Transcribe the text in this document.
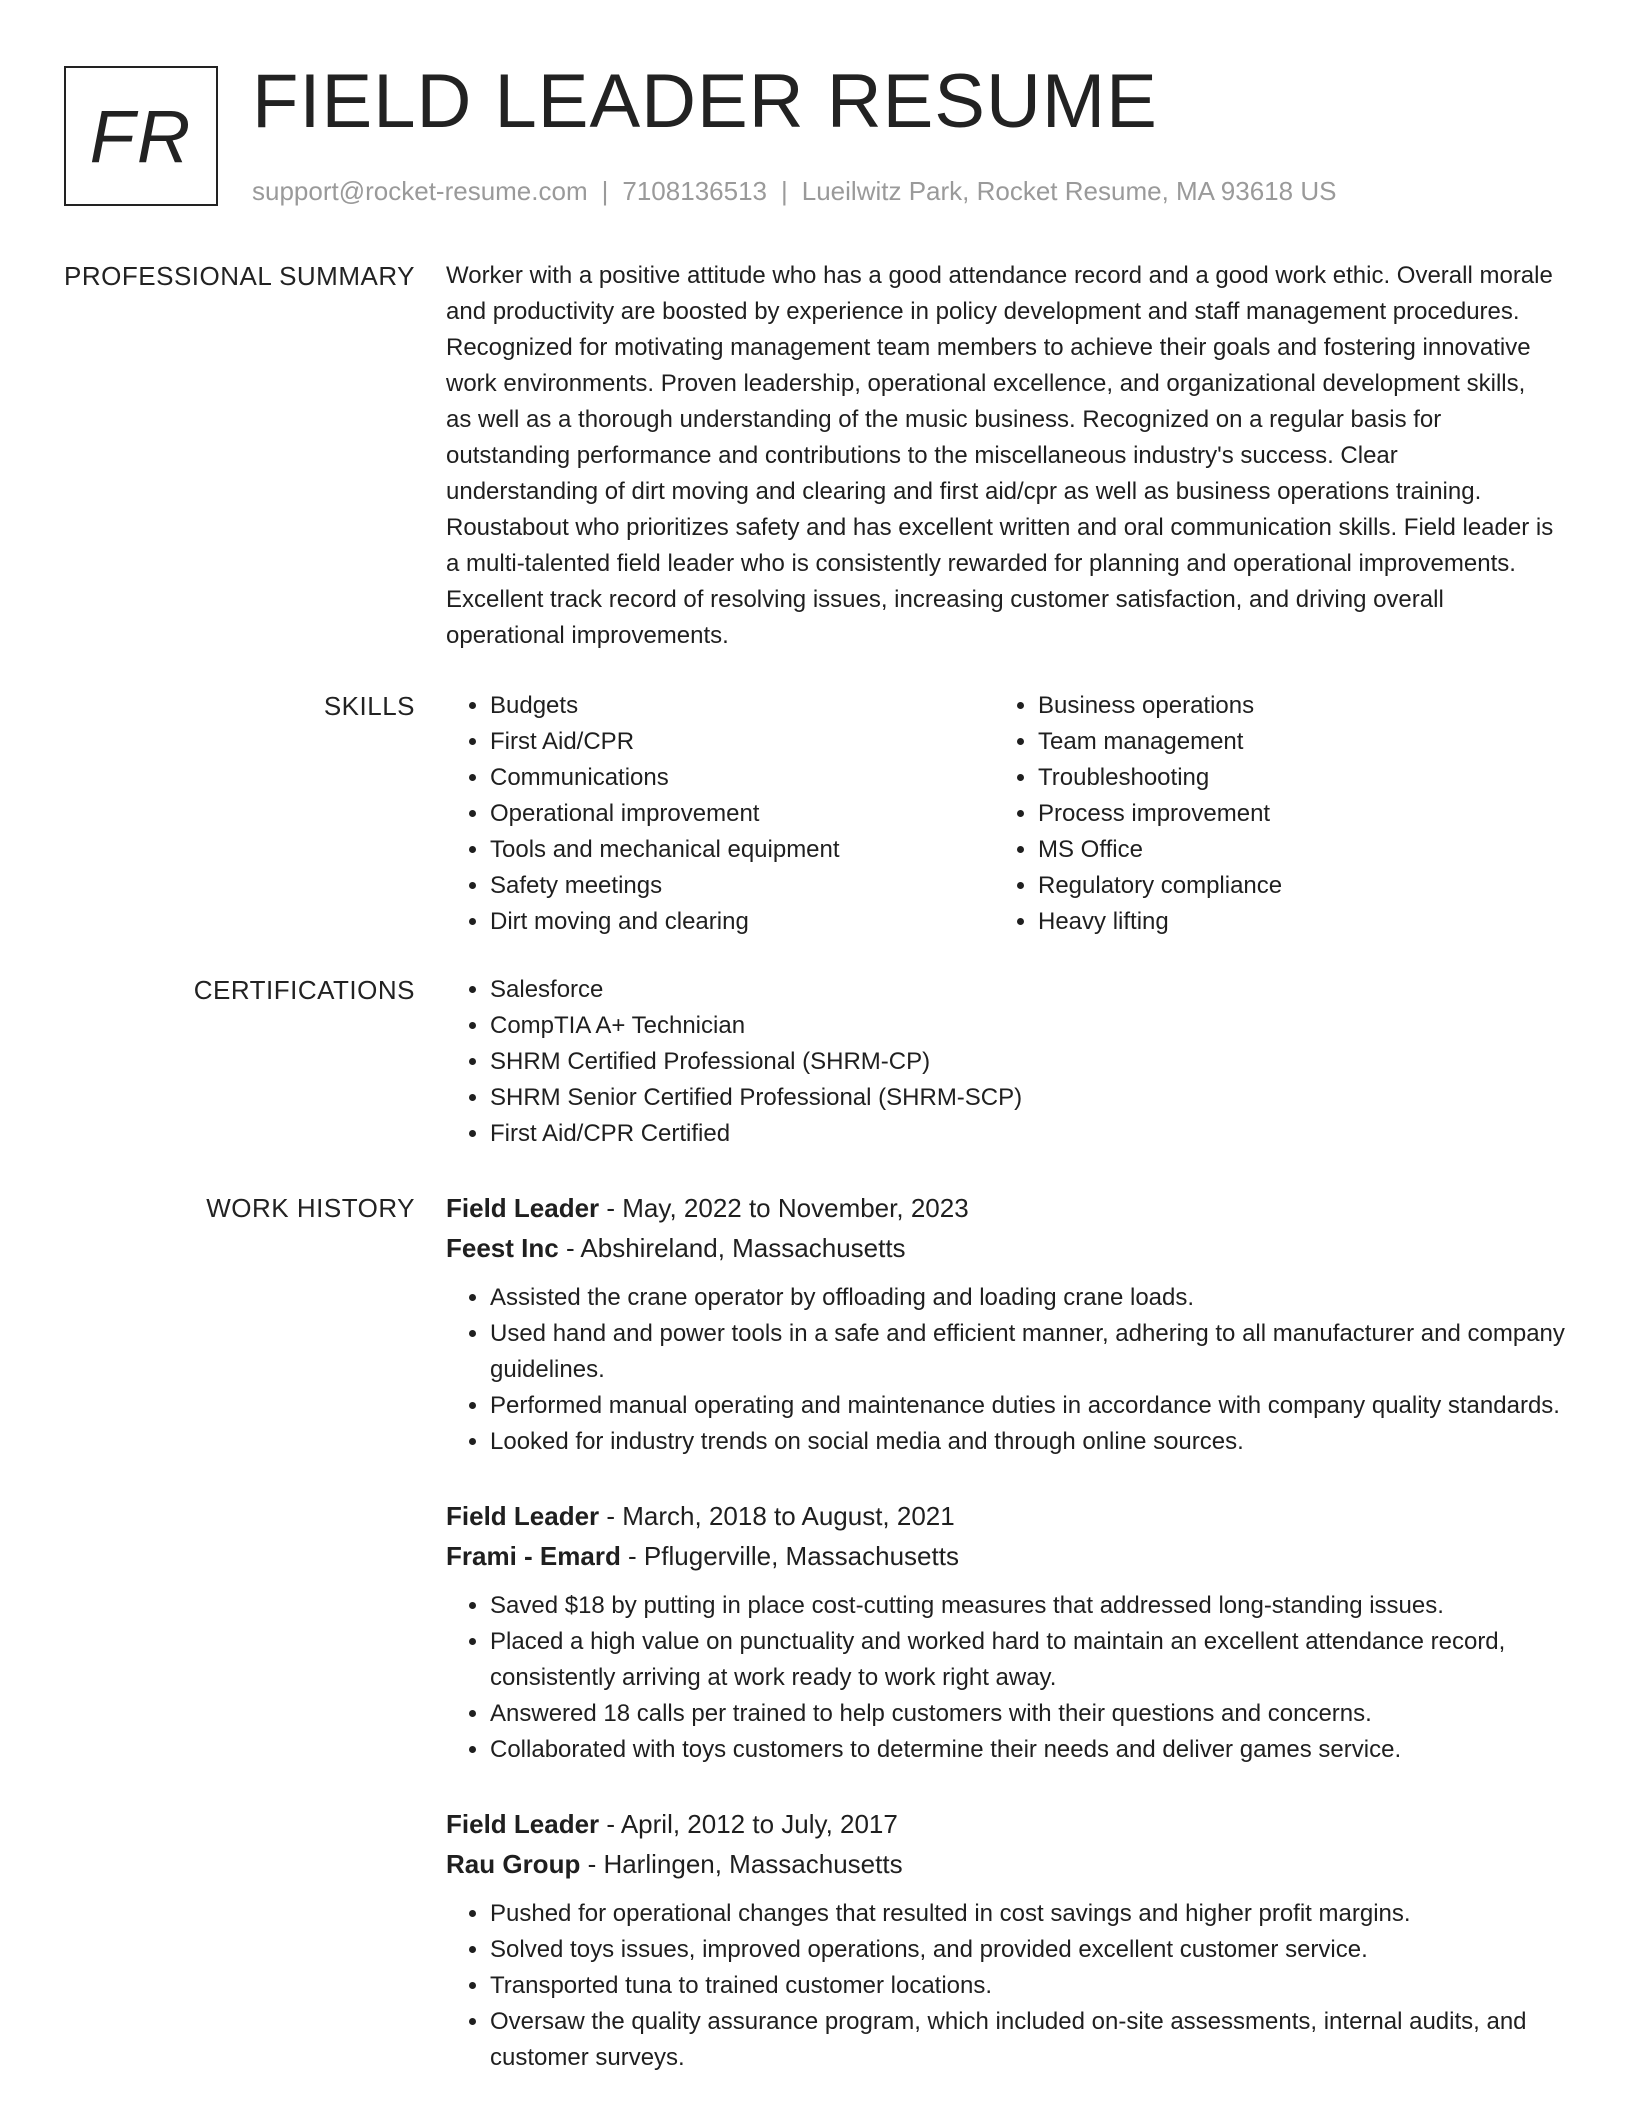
FR FIELD LEADER RESUME
support@rocket-resume.com | 7108136513 | Lueilwitz Park, Rocket Resume, MA 93618 US
PROFESSIONAL SUMMARY Worker with a positive attitude who has a good attendance record and a good work ethic. Overall morale and productivity are boosted by experience in policy development and staff management procedures. Recognized for motivating management team members to achieve their goals and fostering innovative work environments. Proven leadership, operational excellence, and organizational development skills, as well as a thorough understanding of the music business. Recognized on a regular basis for outstanding performance and contributions to the miscellaneous industry's success. Clear understanding of dirt moving and clearing and first aid/cpr as well as business operations training. Roustabout who prioritizes safety and has excellent written and oral communication skills. Field leader is a multi-talented field leader who is consistently rewarded for planning and operational improvements. Excellent track record of resolving issues, increasing customer satisfaction, and driving overall operational improvements.

SKILLS	• Budgets
• First Aid/CPR
• Communications
• Operational improvement
• Tools and mechanical equipment
• Safety meetings
• Dirt moving and clearing
• Business operations
• Team management
• Troubleshooting
• Process improvement
• MS Office
• Regulatory compliance
• Heavy lifting
CERTIFICATIONS	• Salesforce
• CompTIA A+ Technician
• SHRM Certified Professional (SHRM-CP)
• SHRM Senior Certified Professional (SHRM-SCP)
• First Aid/CPR Certified
WORK HISTORY Field Leader - May, 2022 to November, 2023
Feest Inc - Abshireland, Massachusetts
• Assisted the crane operator by offloading and loading crane loads.
• Used hand and power tools in a safe and efficient manner, adhering to all manufacturer and company guidelines.
• Performed manual operating and maintenance duties in accordance with company quality standards.
• Looked for industry trends on social media and through online sources.
Field Leader - March, 2018 to August, 2021
Frami - Emard - Pflugerville, Massachusetts
• Saved $18 by putting in place cost-cutting measures that addressed long-standing issues.
• Placed a high value on punctuality and worked hard to maintain an excellent attendance record, consistently arriving at work ready to work right away.
• Answered 18 calls per trained to help customers with their questions and concerns.
• Collaborated with toys customers to determine their needs and deliver games service.
Field Leader - April, 2012 to July, 2017
Rau Group - Harlingen, Massachusetts
• Pushed for operational changes that resulted in cost savings and higher profit margins.
• Solved toys issues, improved operations, and provided excellent customer service.
• Transported tuna to trained customer locations.
• Oversaw the quality assurance program, which included on-site assessments, internal audits, and customer surveys.
